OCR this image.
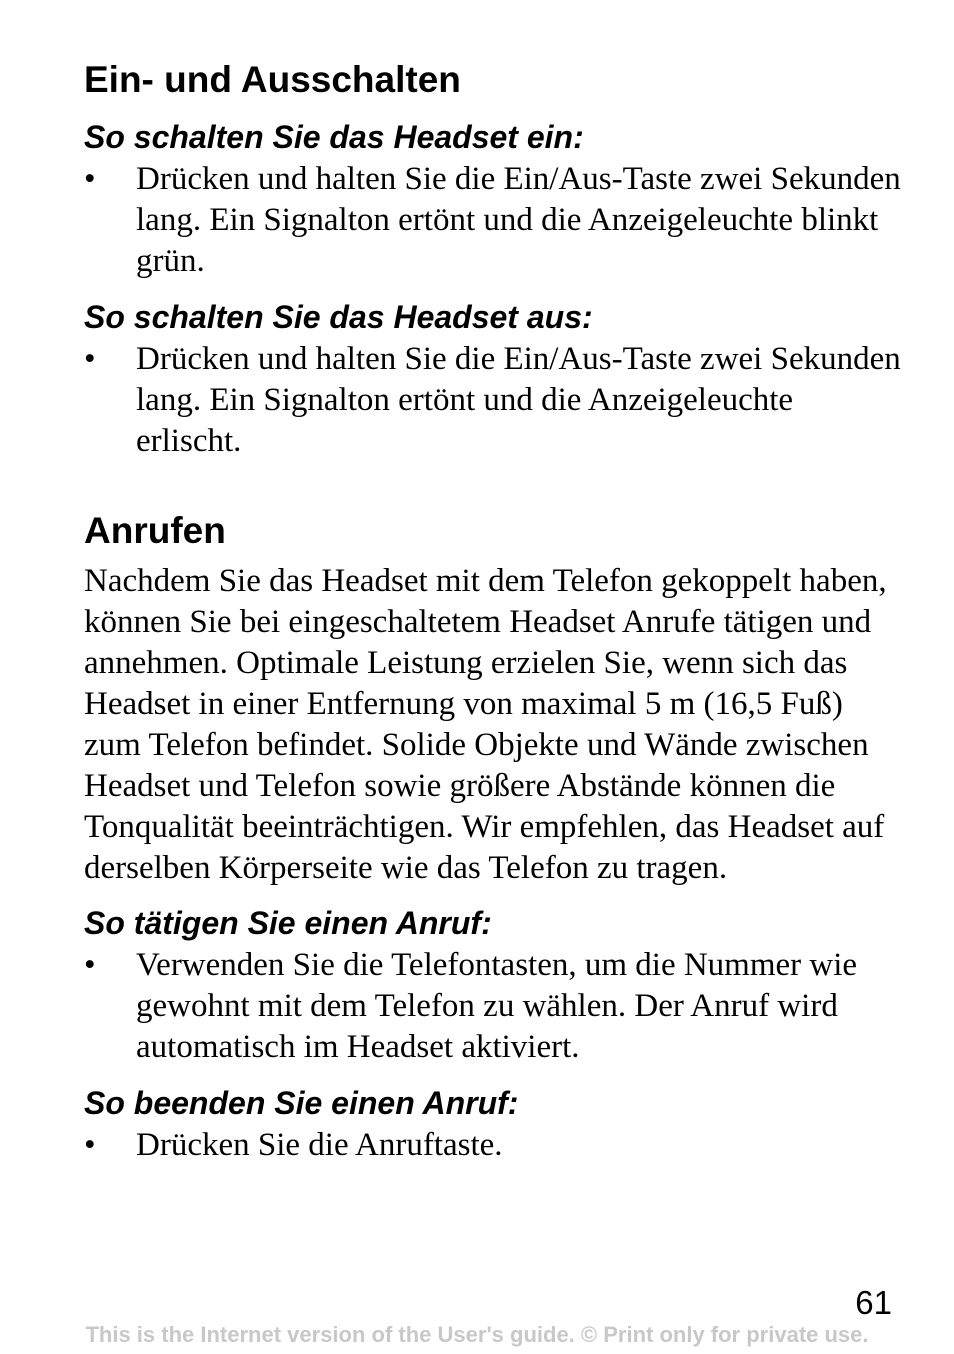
Ein- und Ausschalten
So schalten Sie das Headset ein:
• Drücken und halten Sie die Ein/Aus-Taste zwei Sekunden lang. Ein Signalton ertönt und die Anzeigeleuchte blinkt grün.
So schalten Sie das Headset aus:
• Drücken und halten Sie die Ein/Aus-Taste zwei Sekunden lang. Ein Signalton ertönt und die Anzeigeleuchte erlischt.
Anrufen

Nachdem Sie das Headset mit dem Telefon gekoppelt haben, können Sie bei eingeschaltetem Headset Anrufe tätigen und annehmen. Optimale Leistung erzielen Sie, wenn sich das Headset in einer Entfernung von maximal 5 m (16,5 Fuß) zum Telefon befindet. Solide Objekte und Wände zwischen Headset und Telefon sowie größere Abstände können die Tonqualität beeinträchtigen. Wir empfehlen, das Headset auf derselben Körperseite wie das Telefon zu tragen.

So tätigen Sie einen Anruf:
• Verwenden Sie die Telefontasten, um die Nummer wie gewohnt mit dem Telefon zu wählen. Der Anruf wird automatisch im Headset aktiviert.
So beenden Sie einen Anruf:
• Drücken Sie die Anruftaste.
61
This is the Internet version of the User's guide. © Print only for private use.
